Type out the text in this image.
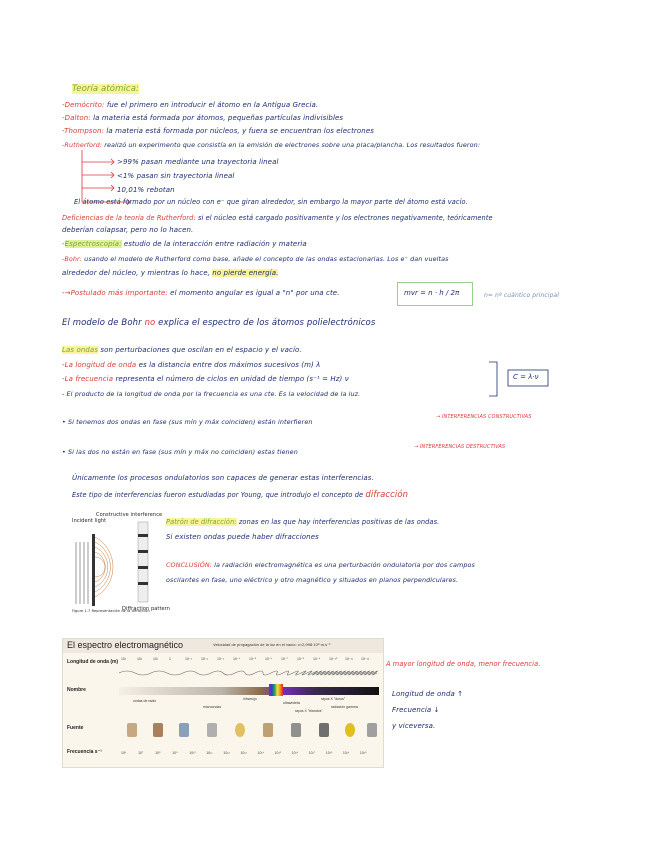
Teoría atómica:
-Demócrito: fue el primero en introducir el átomo en la Antigua Grecia.
-Dalton: la materia está formada por átomos, pequeñas partículas indivisibles
-Thompson: la materia está formada por núcleos, y fuera se encuentran los electrones
-Rutherford: realizó un experimento que consistía en la emisión de electrones sobre una placa/plancha. Los resultados fueron:
>99% pasan mediante una trayectoria lineal
<1% pasan sin trayectoria lineal
10,01% rebotan
El átomo está formado por un núcleo con e⁻ que giran alrededor, sin embargo la mayor parte del átomo está vacío.
Deficiencias de la teoría de Rutherford: si el núcleo está cargado positivamente y los electrones negativamente, teóricamente
deberían colapsar, pero no lo hacen.
-Espectroscopía: estudio de la interacción entre radiación y materia
-Bohr: usando el modelo de Rutherford como base, añade el concepto de las ondas estacionarias. Los e⁻ dan vueltas
alrededor del núcleo, y mientras lo hace, no pierde energía.
-→Postulado más importante: el momento angular es igual a "n" por una cte.	mvr = n · h / 2π	n= nº cuántico principal
El modelo de Bohr no explica el espectro de los átomos polielectrónicos
Las ondas son perturbaciones que oscilan en el espacio y el vacío.
-La longitud de onda es la distancia entre dos máximos sucesivos (m) λ
-La frecuencia representa el número de ciclos en unidad de tiempo (s⁻¹ = Hz) ν
- El producto de la longitud de onda por la frecuencia es una cte. Es la velocidad de la luz.
C = λ·ν
• Si tenemos dos ondas en fase (sus mín y máx coinciden) están interfieren
→ INTERFERENCIAS CONSTRUCTIVAS
• Si las dos no están en fase (sus mín y máx no coinciden) estas tienen
→ INTERFERENCIAS DESTRUCTIVAS
Únicamente los procesos ondulatorios son capaces de generar estas interferencias.
Este tipo de interferencias fueron estudiadas por Young, que introdujo el concepto de difracción
Incident light
Constructive interference
Figure 1.7 Representación de la difracción
Diffraction pattern
Patrón de difracción: zonas en las que hay interferencias positivas de las ondas.
Si existen ondas puede haber difracciones
CONCLUSIÓN: la radiación electromagnética es una perturbación ondulatoria por dos campos
oscilantes en fase, uno eléctrico y otro magnético y situados en planos perpendiculares.
El espectro electromagnético	Velocidad de propagación de la luz en el vacío: c=2,998·10⁸ m.s⁻¹
Longitud de onda (m)
Nombre
Fuente
Frecuencia s⁻¹
10³	10²	10¹	1	10⁻¹	10⁻²	10⁻³	10⁻⁴	10⁻⁵	10⁻⁶	10⁻⁷	10⁻⁸	10⁻⁹	10⁻¹⁰ 10⁻¹¹ 10⁻¹²
ondas de radio
microondas
infrarrojo
ultravioleta
rayos X "blandos"
rayos X "duros"
radiación gamma
10⁶	10⁷	10⁸	10⁹	10¹⁰	10¹¹	10¹²	10¹³	10¹⁴	10¹⁵	10¹⁶	10¹⁷	10¹⁸	10¹⁹	10²⁰
A mayor longitud de onda, menor frecuencia.
Longitud de onda ↑
Frecuencia ↓
y viceversa.
